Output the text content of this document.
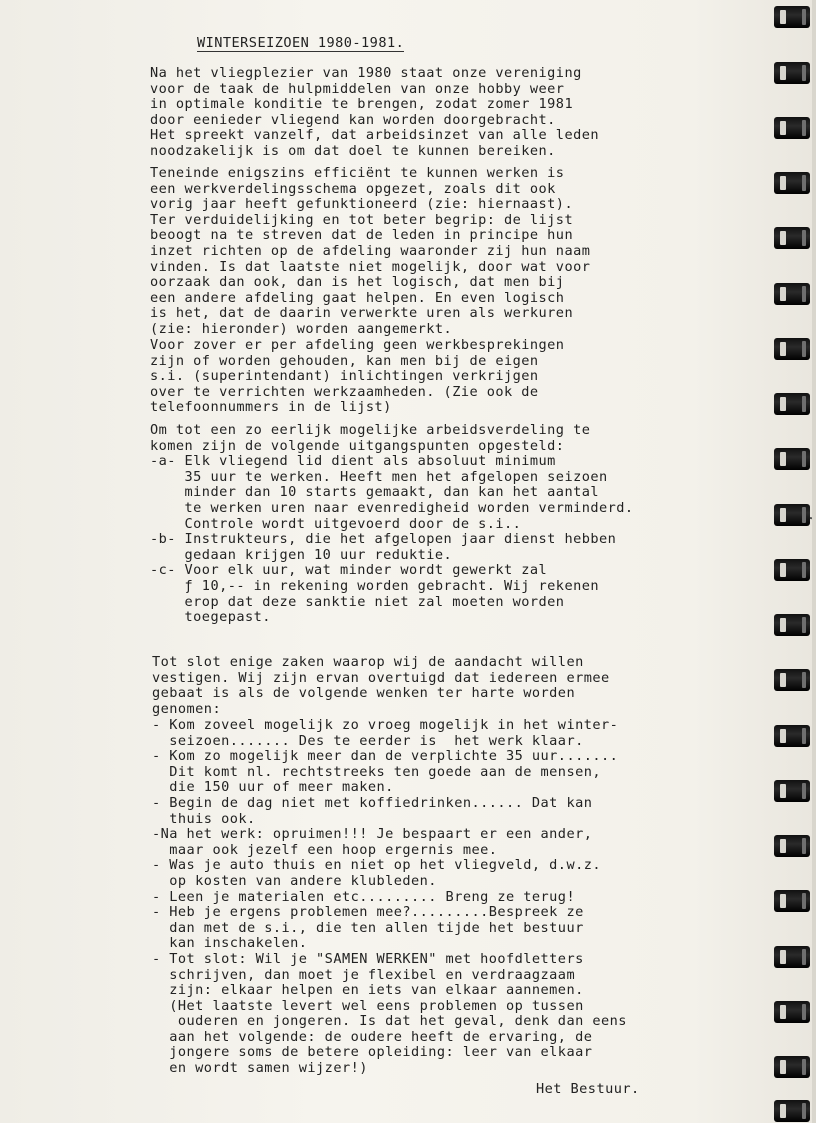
WINTERSEIZOEN 1980-1981.
Na het vliegplezier van 1980 staat onze vereniging
voor de taak de hulpmiddelen van onze hobby weer
in optimale konditie te brengen, zodat zomer 1981
door eenieder vliegend kan worden doorgebracht.
Het spreekt vanzelf, dat arbeidsinzet van alle leden
noodzakelijk is om dat doel te kunnen bereiken.
Teneinde enigszins efficiënt te kunnen werken is
een werkverdelingsschema opgezet, zoals dit ook
vorig jaar heeft gefunktioneerd (zie: hiernaast).
Ter verduidelijking en tot beter begrip: de lijst
beoogt na te streven dat de leden in principe hun
inzet richten op de afdeling waaronder zij hun naam
vinden. Is dat laatste niet mogelijk, door wat voor
oorzaak dan ook, dan is het logisch, dat men bij
een andere afdeling gaat helpen. En even logisch
is het, dat de daarin verwerkte uren als werkuren
(zie: hieronder) worden aangemerkt.
Voor zover er per afdeling geen werkbesprekingen
zijn of worden gehouden, kan men bij de eigen
s.i. (superintendant) inlichtingen verkrijgen
over te verrichten werkzaamheden. (Zie ook de
telefoonnummers in de lijst)
Om tot een zo eerlijk mogelijke arbeidsverdeling te
komen zijn de volgende uitgangspunten opgesteld:
-a- Elk vliegend lid dient als absoluut minimum
35 uur te werken. Heeft men het afgelopen seizoen
minder dan 10 starts gemaakt, dan kan het aantal
te werken uren naar evenredigheid worden verminderd.
Controle wordt uitgevoerd door de s.i..
-b- Instrukteurs, die het afgelopen jaar dienst hebben
gedaan krijgen 10 uur reduktie.
-c- Voor elk uur, wat minder wordt gewerkt zal
ƒ 10,-- in rekening worden gebracht. Wij rekenen
erop dat deze sanktie niet zal moeten worden
toegepast.
Tot slot enige zaken waarop wij de aandacht willen
vestigen. Wij zijn ervan overtuigd dat iedereen ermee
gebaat is als de volgende wenken ter harte worden
genomen:
- Kom zoveel mogelijk zo vroeg mogelijk in het winter-
seizoen....... Des te eerder is  het werk klaar.
- Kom zo mogelijk meer dan de verplichte 35 uur.......
Dit komt nl. rechtstreeks ten goede aan de mensen,
die 150 uur of meer maken.
- Begin de dag niet met koffiedrinken...... Dat kan
thuis ook.
-Na het werk: opruimen!!! Je bespaart er een ander,
maar ook jezelf een hoop ergernis mee.
- Was je auto thuis en niet op het vliegveld, d.w.z.
op kosten van andere klubleden.
- Leen je materialen etc......... Breng ze terug!
- Heb je ergens problemen mee?.........Bespreek ze
dan met de s.i., die ten allen tijde het bestuur
kan inschakelen.
- Tot slot: Wil je "SAMEN WERKEN" met hoofdletters
schrijven, dan moet je flexibel en verdraagzaam
zijn: elkaar helpen en iets van elkaar aannemen.
(Het laatste levert wel eens problemen op tussen
ouderen en jongeren. Is dat het geval, denk dan eens
aan het volgende: de oudere heeft de ervaring, de
jongere soms de betere opleiding: leer van elkaar
en wordt samen wijzer!)
Het Bestuur.
